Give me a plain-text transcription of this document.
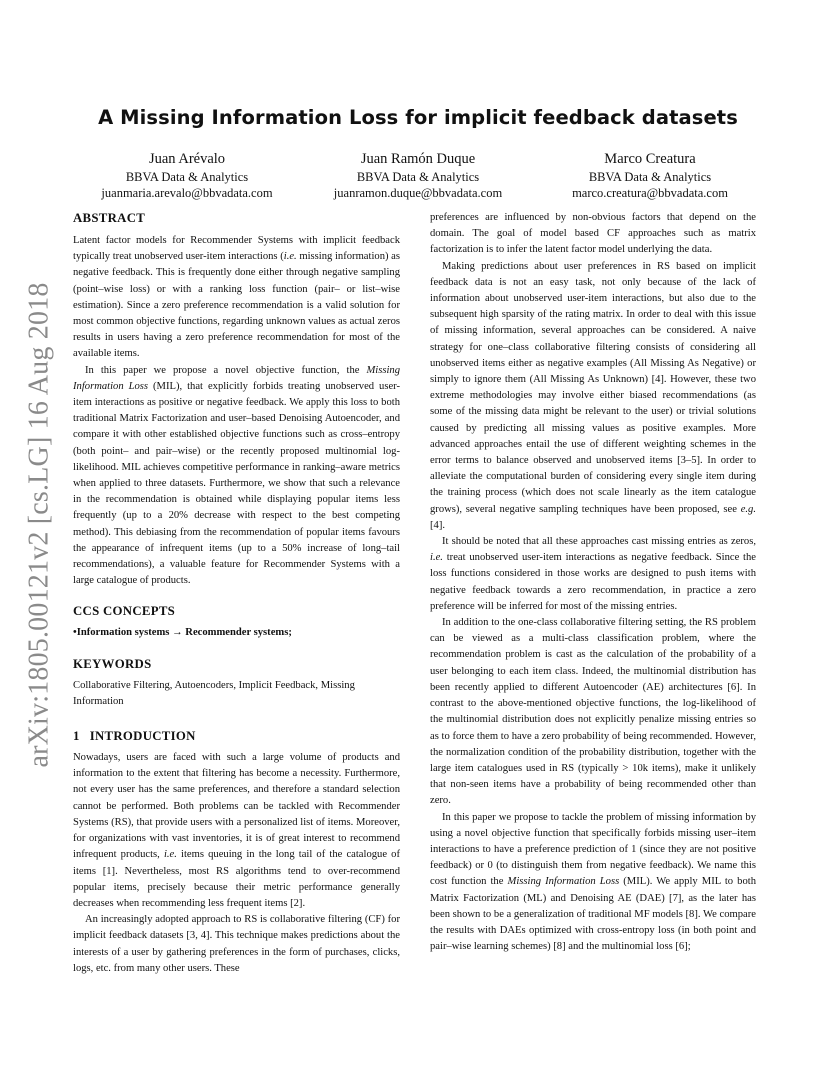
arXiv:1805.00121v2 [cs.LG] 16 Aug 2018
A Missing Information Loss for implicit feedback datasets
Juan Arévalo
BBVA Data & Analytics
juanmaria.arevalo@bbvadata.com
Juan Ramón Duque
BBVA Data & Analytics
juanramon.duque@bbvadata.com
Marco Creatura
BBVA Data & Analytics
marco.creatura@bbvadata.com
ABSTRACT

Latent factor models for Recommender Systems with implicit feedback typically treat unobserved user-item interactions (i.e. missing information) as negative feedback. This is frequently done either through negative sampling (point–wise loss) or with a ranking loss function (pair– or list–wise estimation). Since a zero preference recommendation is a valid solution for most common objective functions, regarding unknown values as actual zeros results in users having a zero preference recommendation for most of the available items.

In this paper we propose a novel objective function, the Missing Information Loss (MIL), that explicitly forbids treating unobserved user-item interactions as positive or negative feedback. We apply this loss to both traditional Matrix Factorization and user–based Denoising Autoencoder, and compare it with other established objective functions such as cross–entropy (both point– and pair–wise) or the recently proposed multinomial log-likelihood. MIL achieves competitive performance in ranking–aware metrics when applied to three datasets. Furthermore, we show that such a relevance in the recommendation is obtained while displaying popular items less frequently (up to a 20% decrease with respect to the best competing method). This debiasing from the recommendation of popular items favours the appearance of infrequent items (up to a 50% increase of long–tail recommendations), a valuable feature for Recommender Systems with a large catalogue of products.

CCS CONCEPTS

•Information systems → Recommender systems;

KEYWORDS

Collaborative Filtering, Autoencoders, Implicit Feedback, Missing Information

1 INTRODUCTION

Nowadays, users are faced with such a large volume of products and information to the extent that filtering has become a necessity. Furthermore, not every user has the same preferences, and therefore a standard selection cannot be performed. Both problems can be tackled with Recommender Systems (RS), that provide users with a personalized list of items. Moreover, for organizations with vast inventories, it is of great interest to recommend infrequent products, i.e. items queuing in the long tail of the catalogue of items [1]. Nevertheless, most RS algorithms tend to over-recommend popular items, precisely because their metric performance generally decreases when recommending less frequent items [2].

An increasingly adopted approach to RS is collaborative filtering (CF) for implicit feedback datasets [3, 4]. This technique makes predictions about the interests of a user by gathering preferences in the form of purchases, clicks, logs, etc. from many other users. These

preferences are influenced by non-obvious factors that depend on the domain. The goal of model based CF approaches such as matrix factorization is to infer the latent factor model underlying the data.

Making predictions about user preferences in RS based on implicit feedback data is not an easy task, not only because of the lack of information about unobserved user-item interactions, but also due to the subsequent high sparsity of the rating matrix. In order to deal with this issue of missing information, several approaches can be considered. A naive strategy for one–class collaborative filtering consists of considering all unobserved items either as negative examples (All Missing As Negative) or simply to ignore them (All Missing As Unknown) [4]. However, these two extreme methodologies may involve either biased recommendations (as some of the missing data might be relevant to the user) or trivial solutions caused by predicting all missing values as positive examples. More advanced approaches entail the use of different weighting schemes in the error terms to balance observed and unobserved items [3–5]. In order to alleviate the computational burden of considering every single item during the training process (which does not scale linearly as the item catalogue grows), several negative sampling techniques have been proposed, see e.g. [4].

It should be noted that all these approaches cast missing entries as zeros, i.e. treat unobserved user-item interactions as negative feedback. Since the loss functions considered in those works are designed to push items with negative feedback towards a zero recommendation, in practice a zero preference will be inferred for most of the missing entries.

In addition to the one-class collaborative filtering setting, the RS problem can be viewed as a multi-class classification problem, where the recommendation problem is cast as the calculation of the probability of a user belonging to each item class. Indeed, the multinomial distribution has been recently applied to different Autoencoder (AE) architectures [6]. In contrast to the above-mentioned objective functions, the log-likelihood of the multinomial distribution does not explicitly penalize missing entries so as to force them to have a zero probability of being recommended. However, the normalization condition of the probability distribution, together with the large item catalogues used in RS (typically > 10k items), make it unlikely that non-seen items have a probability of being recommended other than zero.

In this paper we propose to tackle the problem of missing information by using a novel objective function that specifically forbids missing user–item interactions to have a preference prediction of 1 (since they are not positive feedback) or 0 (to distinguish them from negative feedback). We name this cost function the Missing Information Loss (MIL). We apply MIL to both Matrix Factorization (ML) and Denoising AE (DAE) [7], as the later has been shown to be a generalization of traditional MF models [8]. We compare the results with DAEs optimized with cross-entropy loss (in both point and pair–wise learning schemes) [8] and the multinomial loss [6];
